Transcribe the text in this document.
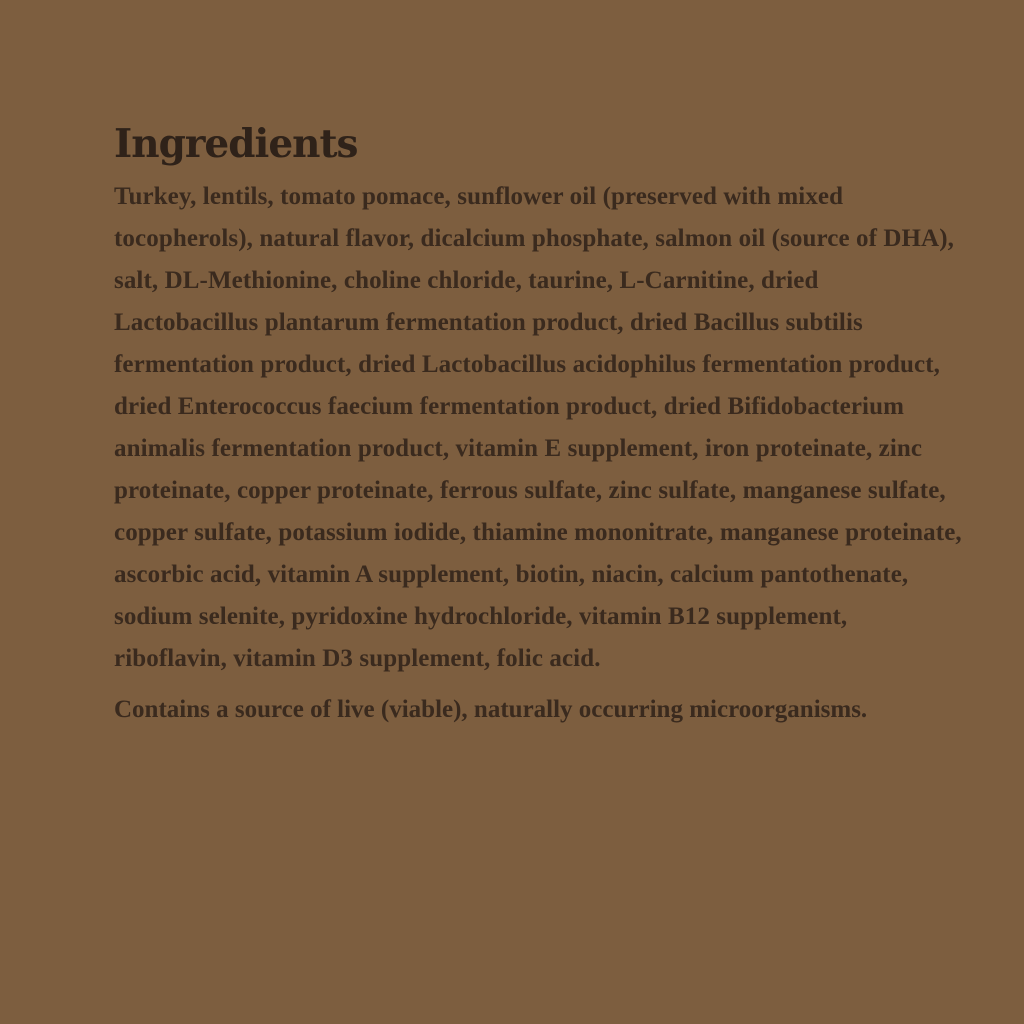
Ingredients

Turkey, lentils, tomato pomace, sunflower oil (preserved with mixed tocopherols), natural flavor, dicalcium phosphate, salmon oil (source of DHA), salt, DL-Methionine, choline chloride, taurine, L-Carnitine, dried Lactobacillus plantarum fermentation product, dried Bacillus subtilis fermentation product, dried Lactobacillus acidophilus fermentation product, dried Enterococcus faecium fermentation product, dried Bifidobacterium animalis fermentation product, vitamin E supplement, iron proteinate, zinc proteinate, copper proteinate, ferrous sulfate, zinc sulfate, manganese sulfate, copper sulfate, potassium iodide, thiamine mononitrate, manganese proteinate, ascorbic acid, vitamin A supplement, biotin, niacin, calcium pantothenate, sodium selenite, pyridoxine hydrochloride, vitamin B12 supplement, riboflavin, vitamin D3 supplement, folic acid.

Contains a source of live (viable), naturally occurring microorganisms.
